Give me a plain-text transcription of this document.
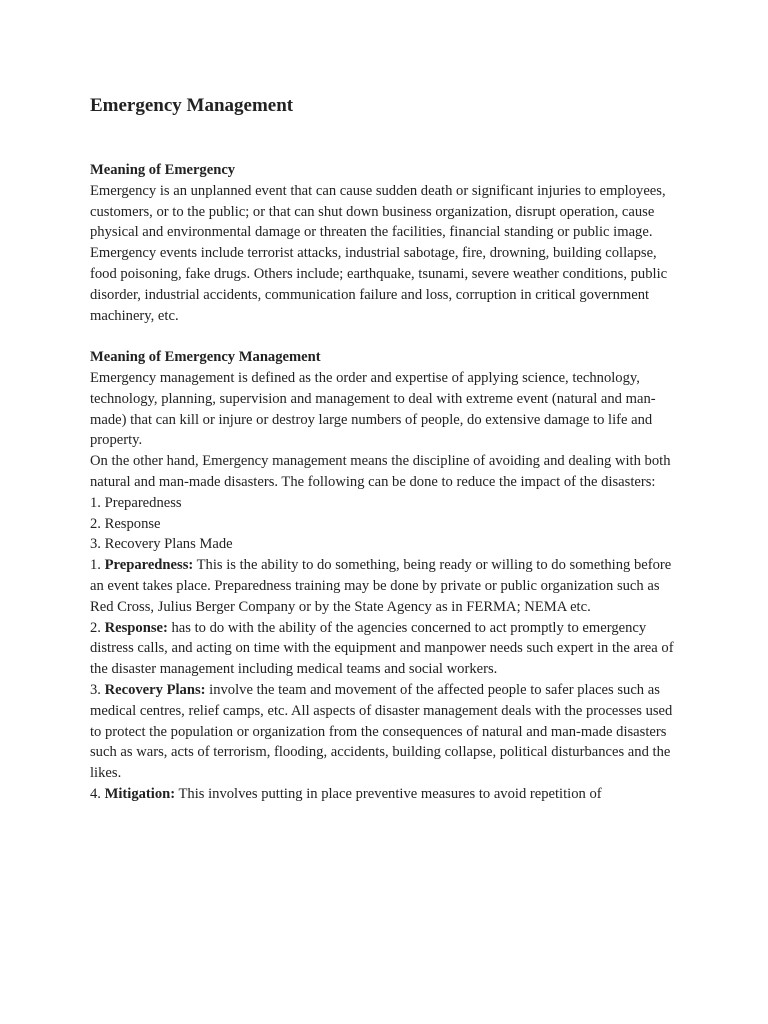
Emergency Management

Meaning of Emergency

Emergency is an unplanned event that can cause sudden death or significant injuries to employees, customers, or to the public; or that can shut down business organization, disrupt operation, cause physical and environmental damage or threaten the facilities, financial standing or public image.

Emergency events include terrorist attacks, industrial sabotage, fire, drowning, building collapse, food poisoning, fake drugs. Others include; earthquake, tsunami, severe weather conditions, public disorder, industrial accidents, communication failure and loss, corruption in critical government machinery, etc.

Meaning of Emergency Management

Emergency management is defined as the order and expertise of applying science, technology, technology, planning, supervision and management to deal with extreme event (natural and man-made) that can kill or injure or destroy large numbers of people, do extensive damage to life and property.

On the other hand, Emergency management means the discipline of avoiding and dealing with both natural and man-made disasters. The following can be done to reduce the impact of the disasters:

1. Preparedness

2. Response

3. Recovery Plans Made

1. Preparedness: This is the ability to do something, being ready or willing to do something before an event takes place. Preparedness training may be done by private or public organization such as Red Cross, Julius Berger Company or by the State Agency as in FERMA; NEMA etc.

2. Response: has to do with the ability of the agencies concerned to act promptly to emergency distress calls, and acting on time with the equipment and manpower needs such expert in the area of the disaster management including medical teams and social workers.

3. Recovery Plans: involve the team and movement of the affected people to safer places such as medical centres, relief camps, etc. All aspects of disaster management deals with the processes used to protect the population or organization from the consequences of natural and man-made disasters such as wars, acts of terrorism, flooding, accidents, building collapse, political disturbances and the likes.

4. Mitigation: This involves putting in place preventive measures to avoid repetition of
